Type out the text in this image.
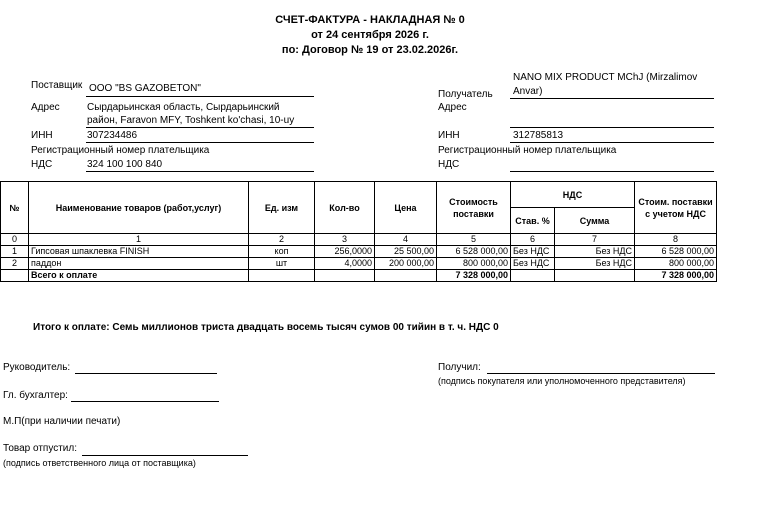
СЧЕТ-ФАКТУРА - НАКЛАДНАЯ № 0
от 24 сентября 2026 г.
по: Договор № 19 от 23.02.2026г.
Поставщик ООО "BS GAZOBETON"
Адрес	Сырдарьинская область, Сырдарьинский
район, Faravon MFY, Toshkent ko'chasi, 10-uy
ИНН	307234486
Регистрационный номер плательщика
НДС	324 100 100 840
NANO MIX PRODUCT MChJ (Mirzalimov
Получатель Anvar)
Адрес
ИНН	312785813
Регистрационный номер плательщика
НДС
№	Наименование товаров (работ,услуг)	Ед. изм	Кол-во	Цена	Стоимость поставки	НДС		Стоим. поставки с учетом НДС
						Став. %	Сумма	
0	1	2	3	4	5	6	7	8
1	Гипсовая шпаклевка FINISH	коп	256,0000	25 500,00	6 528 000,00	Без НДС	Без НДС	6 528 000,00
2	паддон	шт	4,0000	200 000,00	800 000,00	Без НДС	Без НДС	800 000,00
	Всего к оплате				7 328 000,00			7 328 000,00
Итого к оплате: Семь миллионов триста двадцать восемь тысяч сумов 00 тийин в т. ч. НДС 0
Руководитель:
Гл. бухгалтер:
М.П(при наличии печати)
Товар отпустил:
(подпись ответственного лица от поставщика)
Получил:
(подпись покупателя или уполномоченного представителя)
